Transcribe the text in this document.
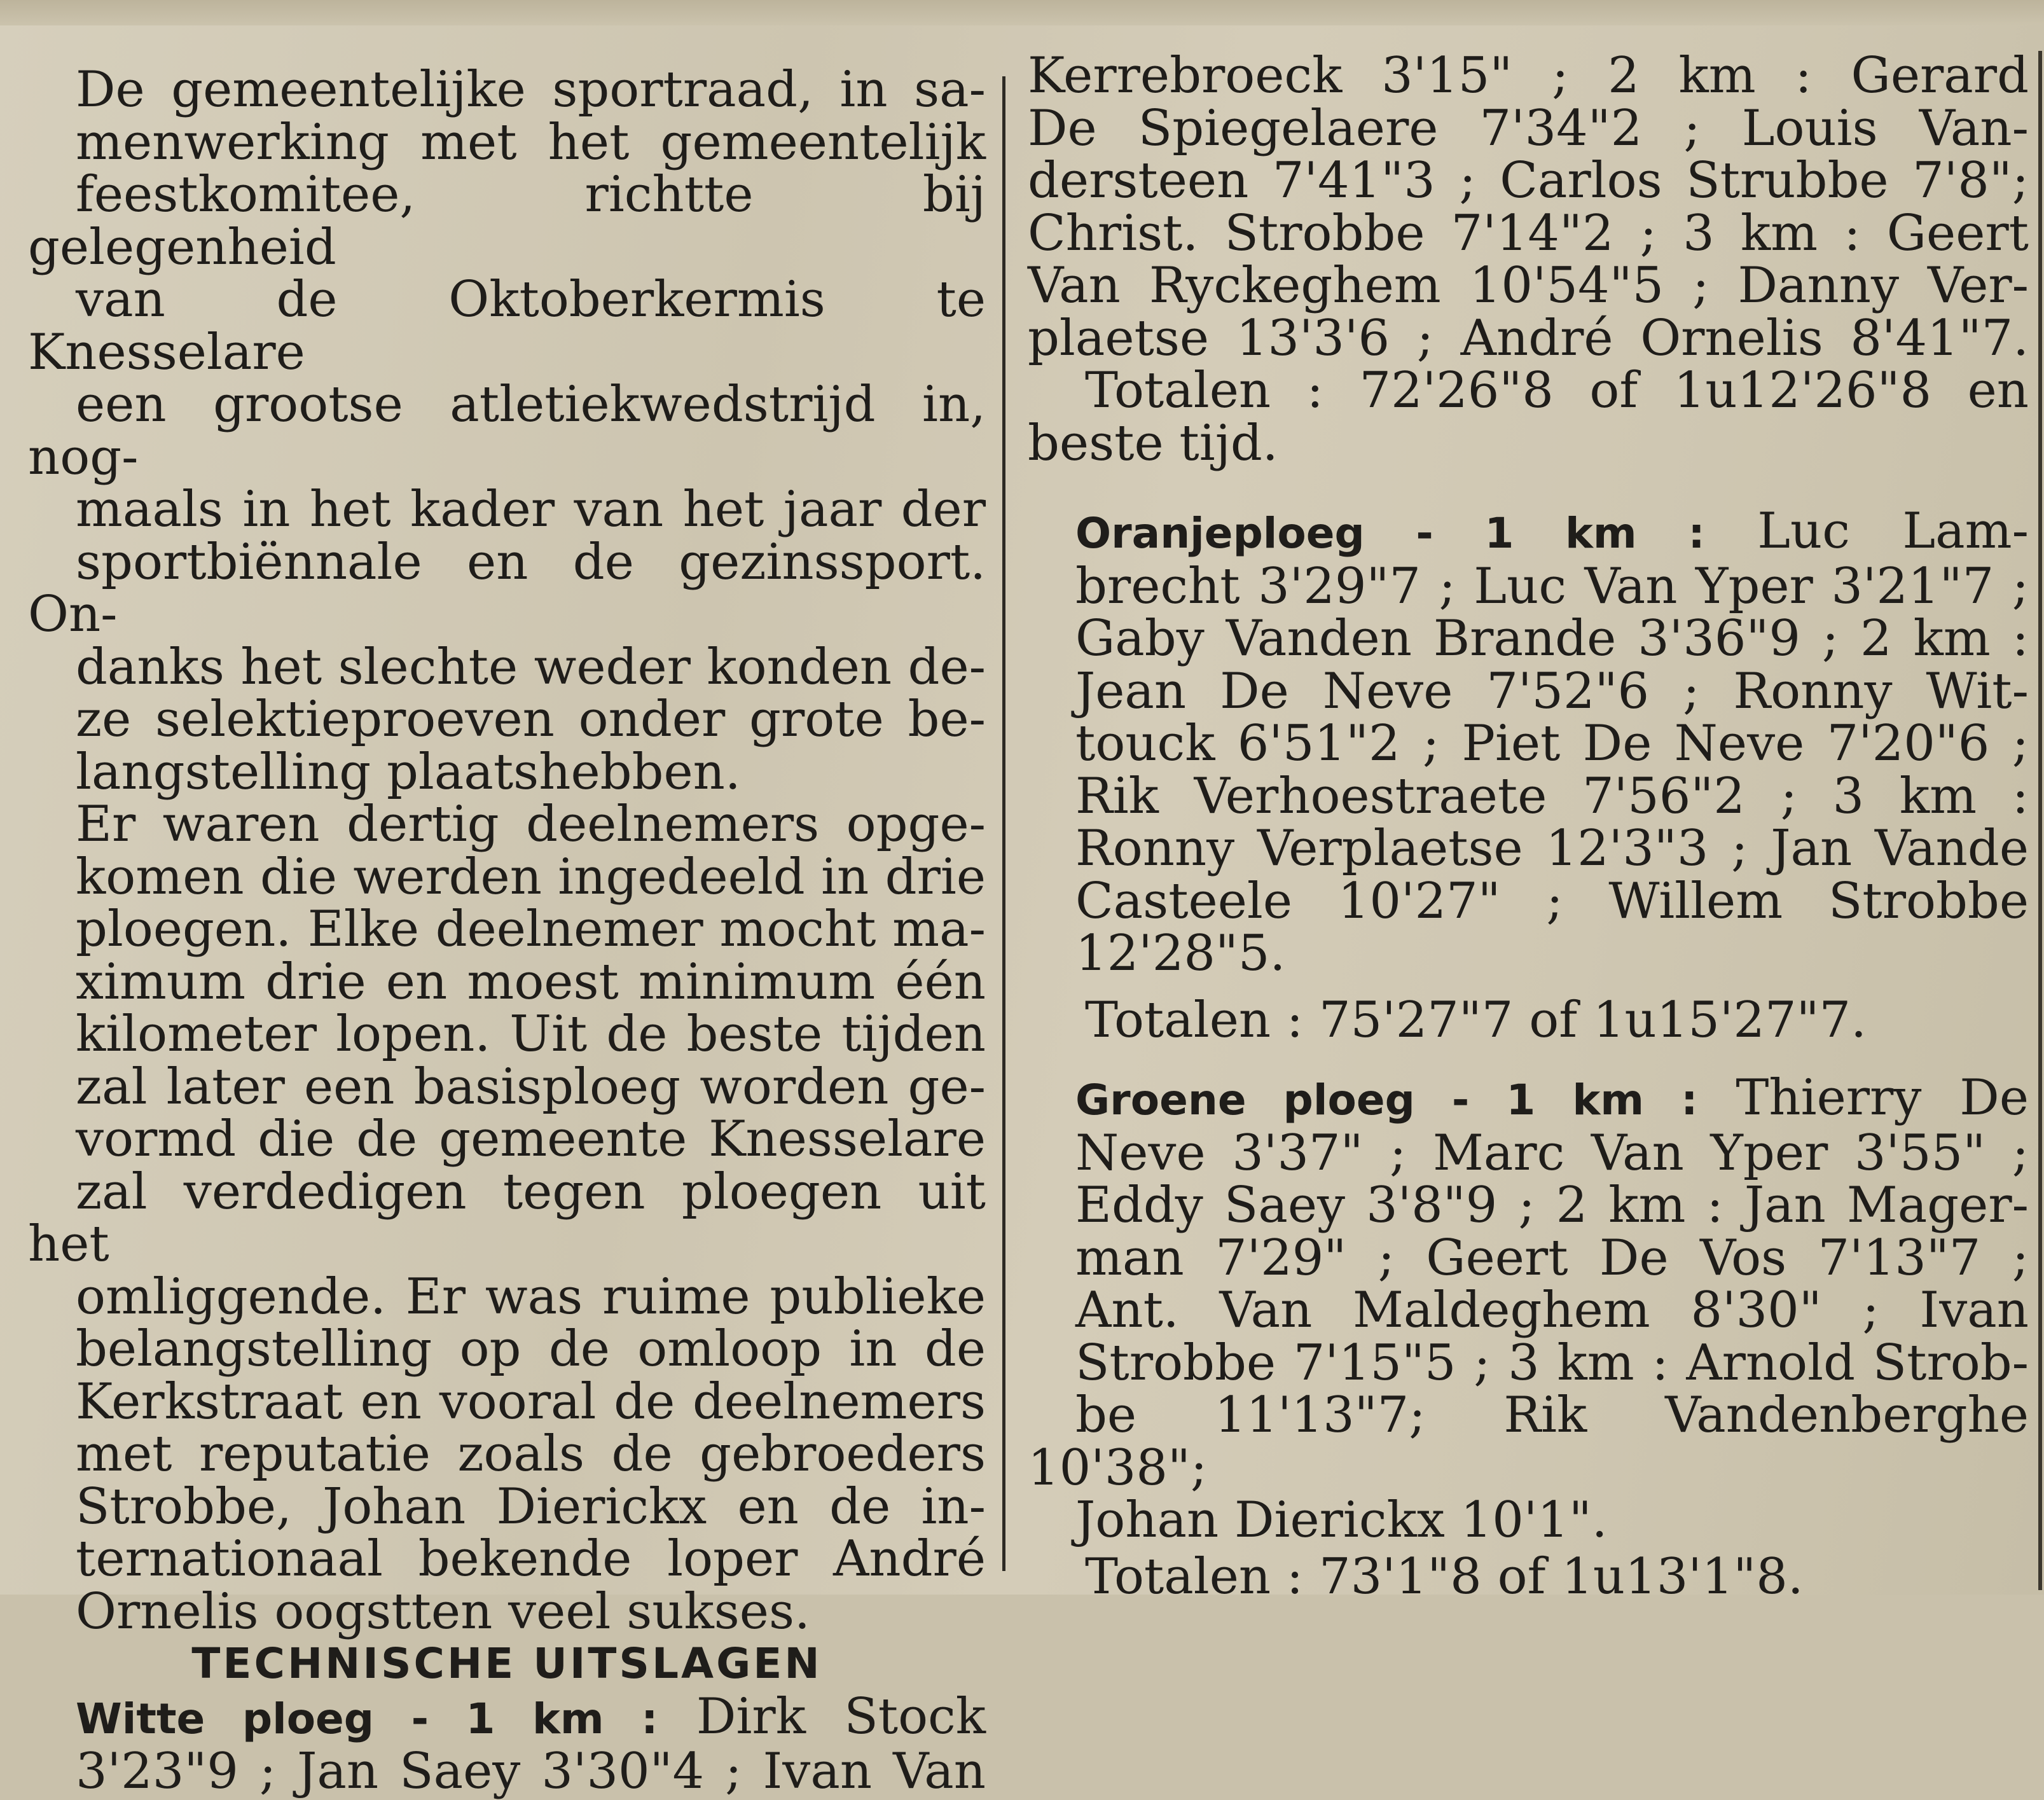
De gemeentelijke sportraad, in sa-
menwerking met het gemeentelijk
feestkomitee, richtte bij gelegenheid
van de Oktoberkermis te Knesselare
een grootse atletiekwedstrijd in, nog-
maals in het kader van het jaar der
sportbiënnale en de gezinssport. On-
danks het slechte weder konden de-
ze selektieproeven onder grote be-
langstelling plaatshebben.

Er waren dertig deelnemers opge-
komen die werden ingedeeld in drie
ploegen. Elke deelnemer mocht ma-
ximum drie en moest minimum één
kilometer lopen. Uit de beste tijden
zal later een basisploeg worden ge-
vormd die de gemeente Knesselare
zal verdedigen tegen ploegen uit het
omliggende. Er was ruime publieke
belangstelling op de omloop in de
Kerkstraat en vooral de deelnemers
met reputatie zoals de gebroeders
Strobbe, Johan Dierickx en de in-
ternationaal bekende loper André
Ornelis oogstten veel sukses.

TECHNISCHE UITSLAGEN

Witte ploeg - 1 km : Dirk Stock
3'23"9 ; Jan Saey 3'30"4 ; Ivan Van

Kerrebroeck 3'15" ; 2 km : Gerard
De Spiegelaere 7'34"2 ; Louis Van-
dersteen 7'41"3 ; Carlos Strubbe 7'8";
Christ. Strobbe 7'14"2 ; 3 km : Geert
Van Ryckeghem 10'54"5 ; Danny Ver-
plaetse 13'3'6 ; André Ornelis 8'41"7.

Totalen : 72'26"8 of 1u12'26"8 en

beste tijd.

Oranjeploeg - 1 km : Luc Lam-
brecht 3'29"7 ; Luc Van Yper 3'21"7 ;
Gaby Vanden Brande 3'36"9 ; 2 km :
Jean De Neve 7'52"6 ; Ronny Wit-
touck 6'51"2 ; Piet De Neve 7'20"6 ;
Rik Verhoestraete 7'56"2 ; 3 km :
Ronny Verplaetse 12'3"3 ; Jan Vande
Casteele 10'27" ; Willem Strobbe
12'28"5.

Totalen : 75'27"7 of 1u15'27"7.

Groene ploeg - 1 km : Thierry De
Neve 3'37" ; Marc Van Yper 3'55" ;
Eddy Saey 3'8"9 ; 2 km : Jan Mager-
man 7'29" ; Geert De Vos 7'13"7 ;
Ant. Van Maldeghem 8'30" ; Ivan
Strobbe 7'15"5 ; 3 km : Arnold Strob-
be 11'13"7; Rik Vandenberghe 10'38";
Johan Dierickx 10'1".

Totalen : 73'1"8 of 1u13'1"8.
